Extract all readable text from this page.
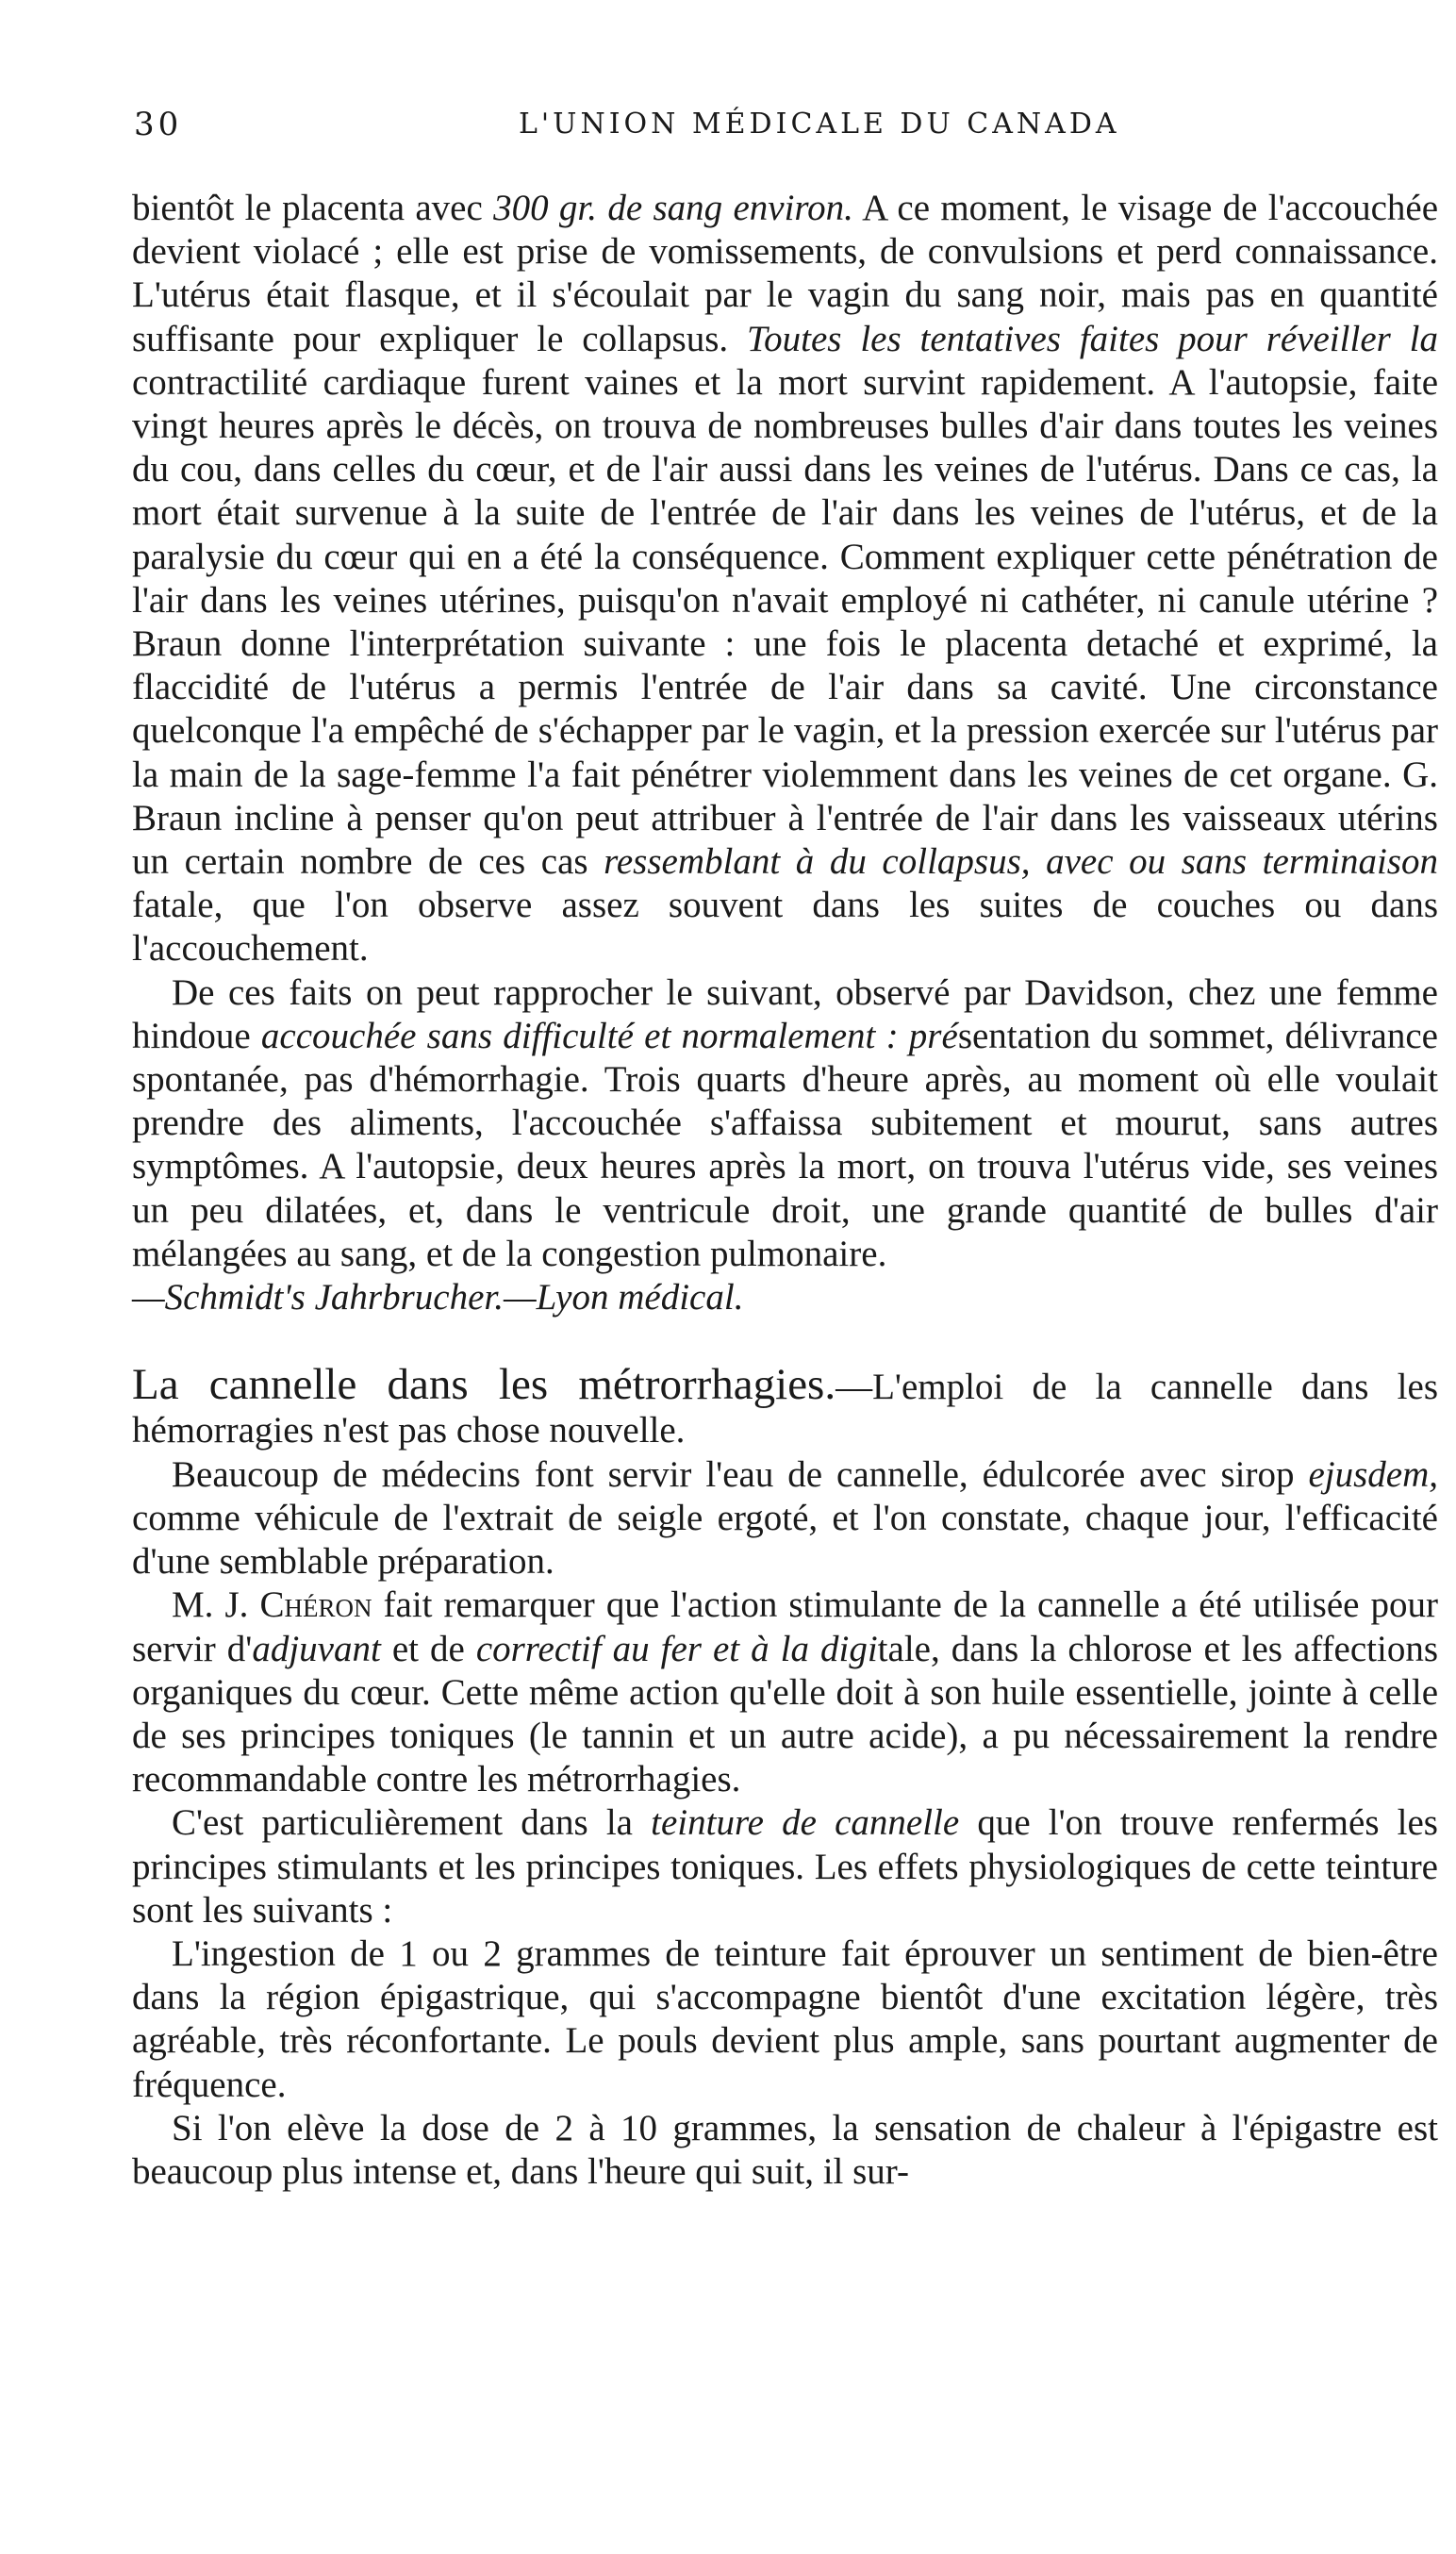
30	L'UNION MÉDICALE DU CANADA

bientôt le placenta avec 300 gr. de sang environ. A ce moment, le visage de l'accouchée devient violacé ; elle est prise de vomissements, de convulsions et perd connaissance. L'utérus était flasque, et il s'écoulait par le vagin du sang noir, mais pas en quantité suffisante pour expliquer le collapsus. Toutes les tentatives faites pour réveiller la contractilité cardiaque furent vaines et la mort survint rapidement. A l'autopsie, faite vingt heures après le décès, on trouva de nombreuses bulles d'air dans toutes les veines du cou, dans celles du cœur, et de l'air aussi dans les veines de l'utérus. Dans ce cas, la mort était survenue à la suite de l'entrée de l'air dans les veines de l'utérus, et de la paralysie du cœur qui en a été la conséquence. Comment expliquer cette pénétration de l'air dans les veines utérines, puisqu'on n'avait employé ni cathéter, ni canule utérine ? Braun donne l'interprétation suivante : une fois le placenta detaché et exprimé, la flaccidité de l'utérus a permis l'entrée de l'air dans sa cavité. Une circonstance quelconque l'a empêché de s'échapper par le vagin, et la pression exercée sur l'utérus par la main de la sage-femme l'a fait pénétrer violemment dans les veines de cet organe. G. Braun incline à penser qu'on peut attribuer à l'entrée de l'air dans les vaisseaux utérins un certain nombre de ces cas ressemblant à du collapsus, avec ou sans terminaison fatale, que l'on observe assez souvent dans les suites de couches ou dans l'accouchement.

De ces faits on peut rapprocher le suivant, observé par Davidson, chez une femme hindoue accouchée sans difficulté et normalement : présentation du sommet, délivrance spontanée, pas d'hémorrhagie. Trois quarts d'heure après, au moment où elle voulait prendre des aliments, l'accouchée s'affaissa subitement et mourut, sans autres symptômes. A l'autopsie, deux heures après la mort, on trouva l'utérus vide, ses veines un peu dilatées, et, dans le ventricule droit, une grande quantité de bulles d'air mélangées au sang, et de la congestion pulmonaire.
—Schmidt's Jahrbrucher.—Lyon médical.

La cannelle dans les métrorrhagies.—L'emploi de la cannelle dans les hémorragies n'est pas chose nouvelle.

Beaucoup de médecins font servir l'eau de cannelle, édulcorée avec sirop ejusdem, comme véhicule de l'extrait de seigle ergoté, et l'on constate, chaque jour, l'efficacité d'une semblable préparation.

M. J. Chéron fait remarquer que l'action stimulante de la cannelle a été utilisée pour servir d'adjuvant et de correctif au fer et à la digitale, dans la chlorose et les affections organiques du cœur. Cette même action qu'elle doit à son huile essentielle, jointe à celle de ses principes toniques (le tannin et un autre acide), a pu nécessairement la rendre recommandable contre les métrorrhagies.

C'est particulièrement dans la teinture de cannelle que l'on trouve renfermés les principes stimulants et les principes toniques. Les effets physiologiques de cette teinture sont les suivants :

L'ingestion de 1 ou 2 grammes de teinture fait éprouver un sentiment de bien-être dans la région épigastrique, qui s'accompagne bientôt d'une excitation légère, très agréable, très réconfortante. Le pouls devient plus ample, sans pourtant augmenter de fréquence.

Si l'on elève la dose de 2 à 10 grammes, la sensation de chaleur à l'épigastre est beaucoup plus intense et, dans l'heure qui suit, il sur-
